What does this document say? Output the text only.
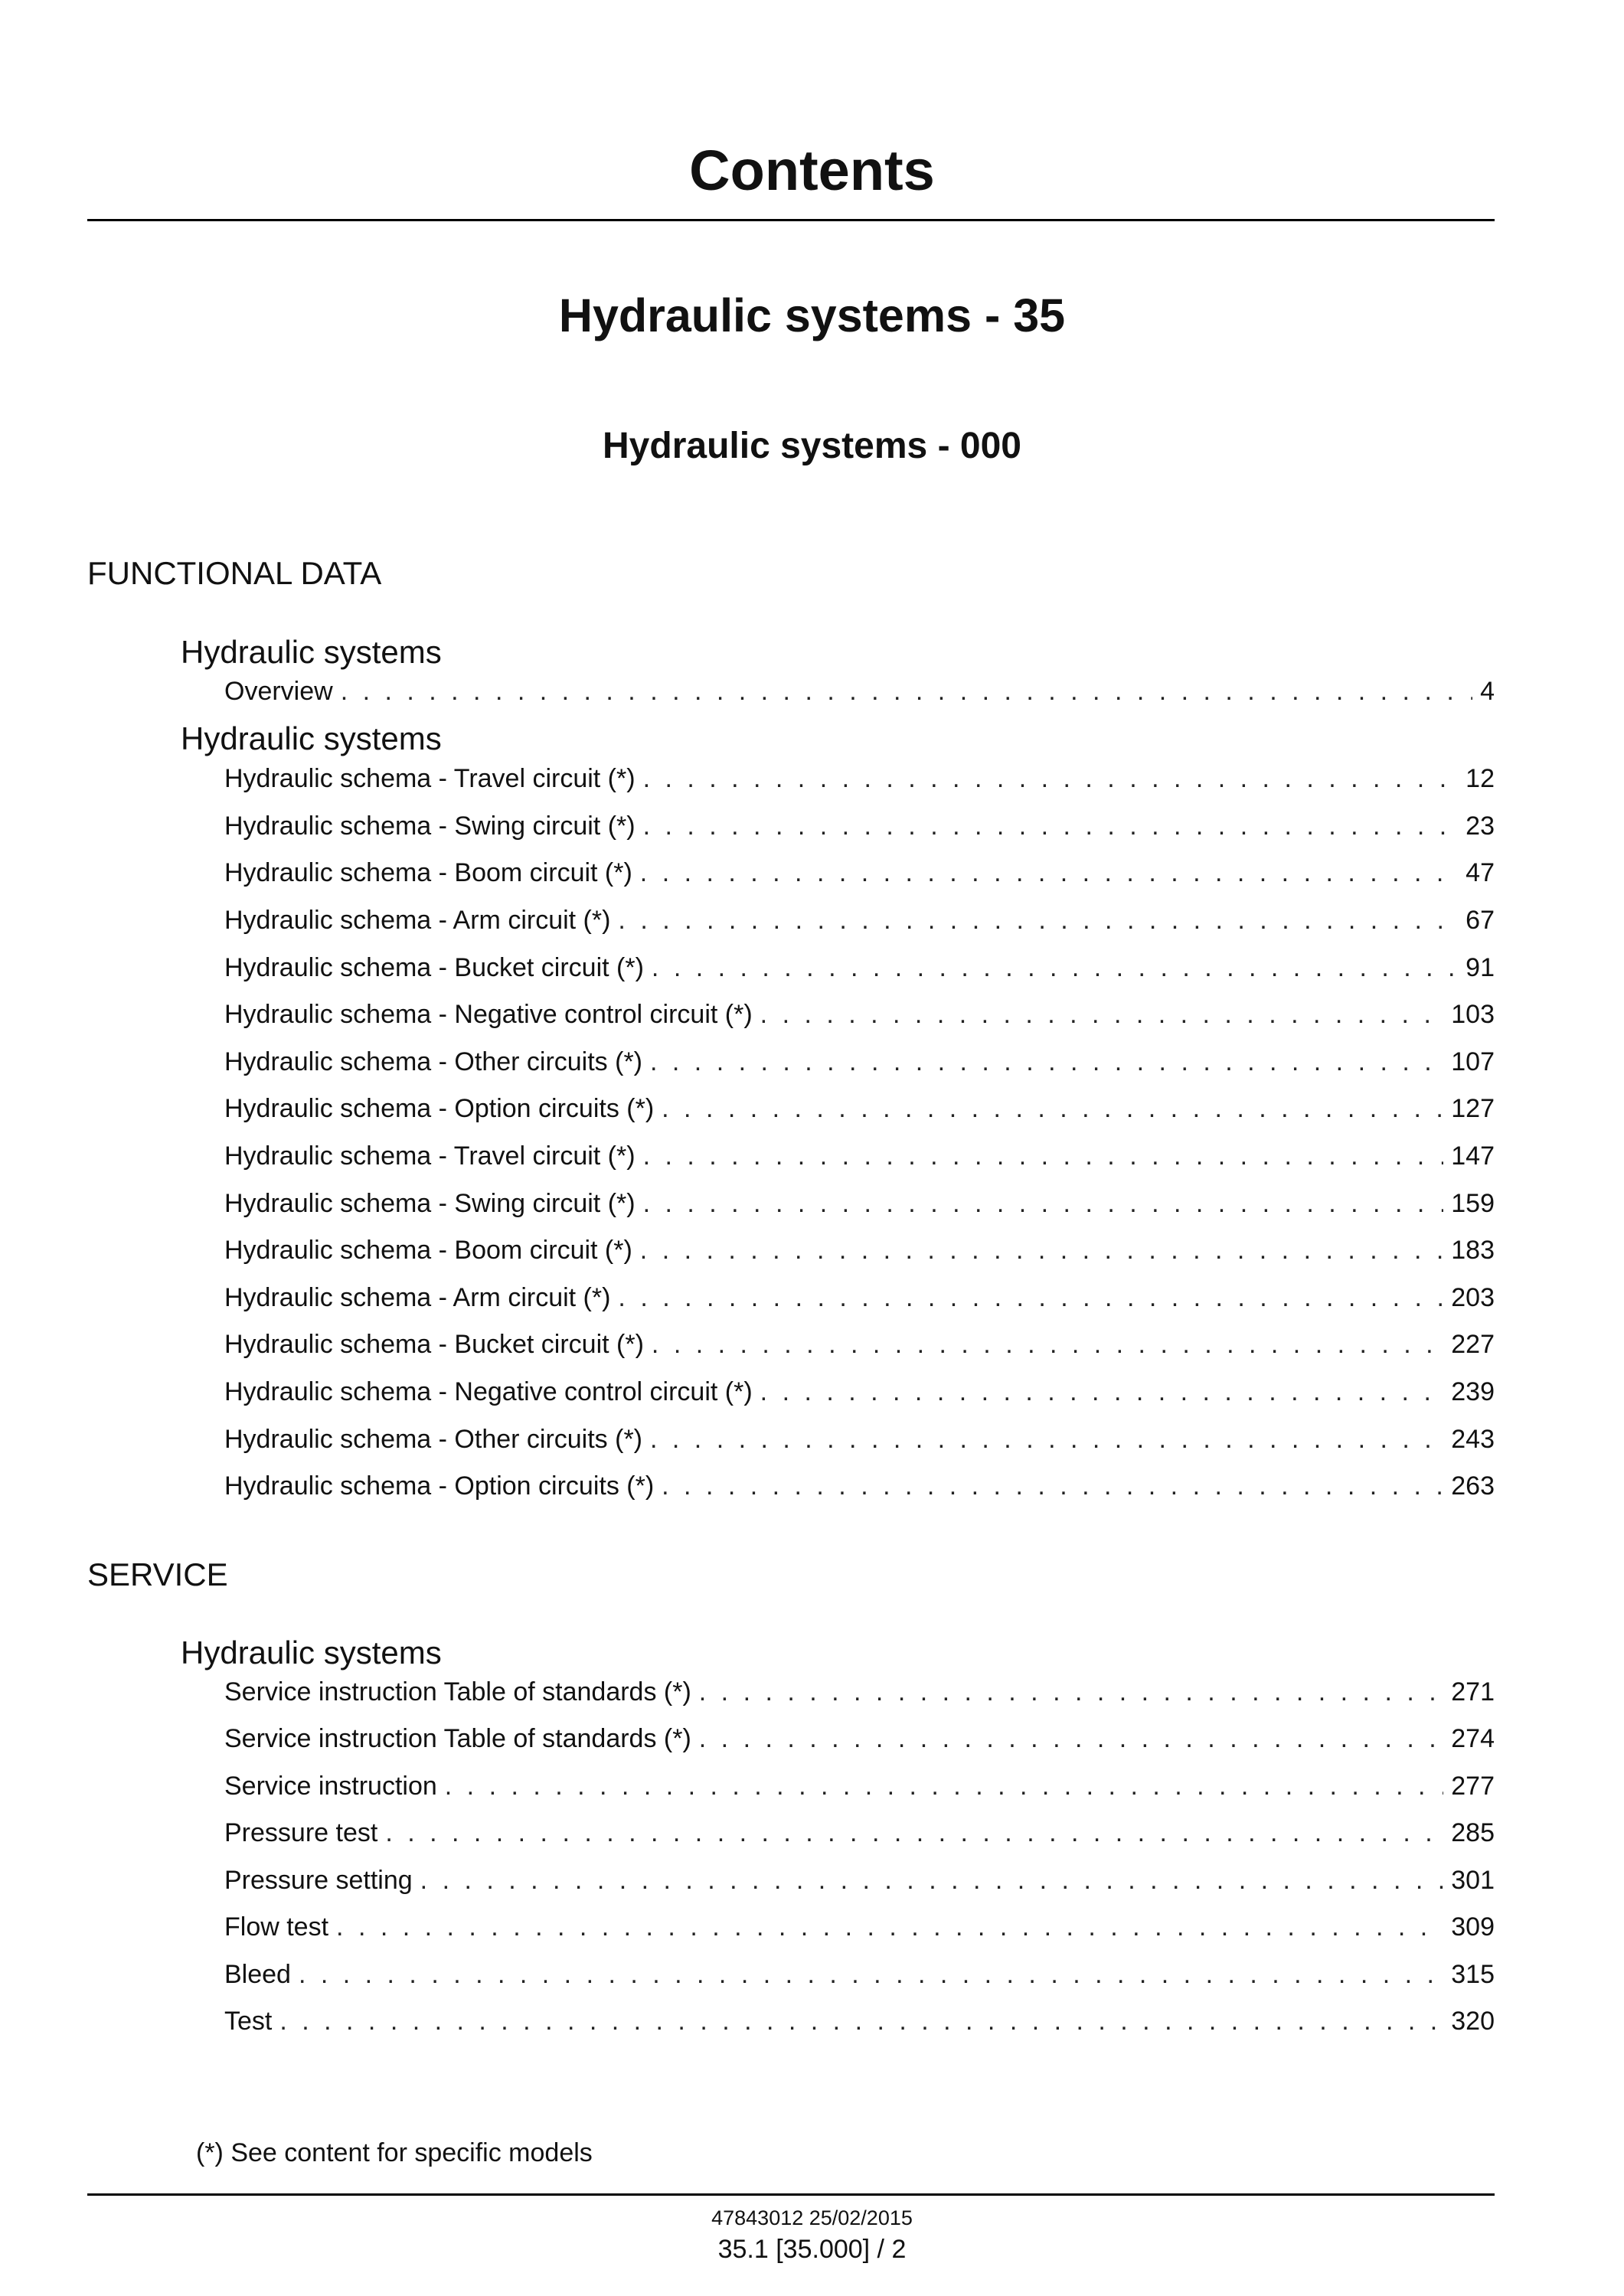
Contents
Hydraulic systems - 35
Hydraulic systems - 000
FUNCTIONAL DATA
Hydraulic systems
Overview . . .	4
Hydraulic systems
Hydraulic schema - Travel circuit (*) . . .	12
Hydraulic schema - Swing circuit (*) . . .	23
Hydraulic schema - Boom circuit (*) . . .	47
Hydraulic schema - Arm circuit (*) . . .	67
Hydraulic schema - Bucket circuit (*) . . .	91
Hydraulic schema - Negative control circuit (*) . . .	103
Hydraulic schema - Other circuits (*) . . .	107
Hydraulic schema - Option circuits (*) . . .	127
Hydraulic schema - Travel circuit (*) . . .	147
Hydraulic schema - Swing circuit (*) . . .	159
Hydraulic schema - Boom circuit (*) . . .	183
Hydraulic schema - Arm circuit (*) . . .	203
Hydraulic schema - Bucket circuit (*) . . .	227
Hydraulic schema - Negative control circuit (*) . . .	239
Hydraulic schema - Other circuits (*) . . .	243
Hydraulic schema - Option circuits (*) . . .	263
SERVICE
Hydraulic systems
Service instruction Table of standards (*) . . .	271
Service instruction Table of standards (*) . . .	274
Service instruction . . .	277
Pressure test . . .	285
Pressure setting . . .	301
Flow test . . .	309
Bleed . . .	315
Test . . .	320
(*) See content for specific models
47843012 25/02/2015
35.1 [35.000] / 2
